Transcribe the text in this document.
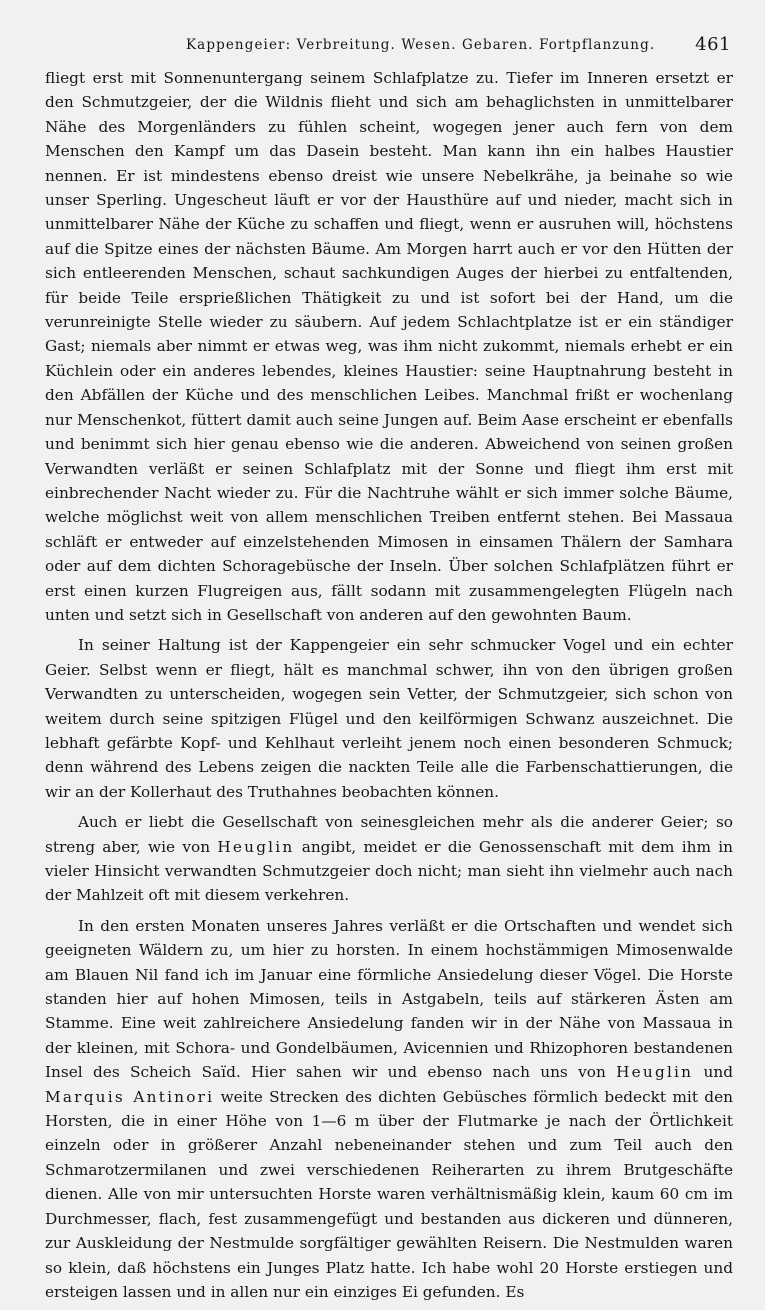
Kappengeier: Verbreitung. Wesen. Gebaren. Fortpflanzung. 461

fliegt erst mit Sonnenuntergang seinem Schlafplatze zu. Tiefer im Inneren ersetzt er den Schmutzgeier, der die Wildnis flieht und sich am behaglichsten in unmittelbarer Nähe des Morgenländers zu fühlen scheint, wogegen jener auch fern von dem Menschen den Kampf um das Dasein besteht. Man kann ihn ein halbes Haustier nennen. Er ist mindestens ebenso dreist wie unsere Nebelkrähe, ja beinahe so wie unser Sperling. Ungescheut läuft er vor der Hausthüre auf und nieder, macht sich in unmittelbarer Nähe der Küche zu schaffen und fliegt, wenn er ausruhen will, höchstens auf die Spitze eines der nächsten Bäume. Am Morgen harrt auch er vor den Hütten der sich entleerenden Menschen, schaut sachkundigen Auges der hierbei zu entfaltenden, für beide Teile ersprießlichen Thätigkeit zu und ist sofort bei der Hand, um die verunreinigte Stelle wieder zu säubern. Auf jedem Schlachtplatze ist er ein ständiger Gast; niemals aber nimmt er etwas weg, was ihm nicht zukommt, niemals erhebt er ein Küchlein oder ein anderes lebendes, kleines Haustier: seine Hauptnahrung besteht in den Abfällen der Küche und des menschlichen Leibes. Manchmal frißt er wochenlang nur Menschenkot, füttert damit auch seine Jungen auf. Beim Aase erscheint er ebenfalls und benimmt sich hier genau ebenso wie die anderen. Abweichend von seinen großen Verwandten verläßt er seinen Schlafplatz mit der Sonne und fliegt ihm erst mit einbrechender Nacht wieder zu. Für die Nachtruhe wählt er sich immer solche Bäume, welche möglichst weit von allem menschlichen Treiben entfernt stehen. Bei Massaua schläft er entweder auf einzelstehenden Mimosen in einsamen Thälern der Samhara oder auf dem dichten Schoragebüsche der Inseln. Über solchen Schlafplätzen führt er erst einen kurzen Flugreigen aus, fällt sodann mit zusammengelegten Flügeln nach unten und setzt sich in Gesellschaft von anderen auf den gewohnten Baum.

In seiner Haltung ist der Kappengeier ein sehr schmucker Vogel und ein echter Geier. Selbst wenn er fliegt, hält es manchmal schwer, ihn von den übrigen großen Verwandten zu unterscheiden, wogegen sein Vetter, der Schmutzgeier, sich schon von weitem durch seine spitzigen Flügel und den keilförmigen Schwanz auszeichnet. Die lebhaft gefärbte Kopf- und Kehlhaut verleiht jenem noch einen besonderen Schmuck; denn während des Lebens zeigen die nackten Teile alle die Farbenschattierungen, die wir an der Kollerhaut des Truthahnes beobachten können.

Auch er liebt die Gesellschaft von seinesgleichen mehr als die anderer Geier; so streng aber, wie von Heuglin angibt, meidet er die Genossenschaft mit dem ihm in vieler Hinsicht verwandten Schmutzgeier doch nicht; man sieht ihn vielmehr auch nach der Mahlzeit oft mit diesem verkehren.

In den ersten Monaten unseres Jahres verläßt er die Ortschaften und wendet sich geeigneten Wäldern zu, um hier zu horsten. In einem hochstämmigen Mimosenwalde am Blauen Nil fand ich im Januar eine förmliche Ansiedelung dieser Vögel. Die Horste standen hier auf hohen Mimosen, teils in Astgabeln, teils auf stärkeren Ästen am Stamme. Eine weit zahlreichere Ansiedelung fanden wir in der Nähe von Massaua in der kleinen, mit Schora- und Gondelbäumen, Avicennien und Rhizophoren bestandenen Insel des Scheich Saïd. Hier sahen wir und ebenso nach uns von Heuglin und Marquis Antinori weite Strecken des dichten Gebüsches förmlich bedeckt mit den Horsten, die in einer Höhe von 1—6 m über der Flutmarke je nach der Örtlichkeit einzeln oder in größerer Anzahl nebeneinander stehen und zum Teil auch den Schmarotzermilanen und zwei verschiedenen Reiherarten zu ihrem Brutgeschäfte dienen. Alle von mir untersuchten Horste waren verhältnismäßig klein, kaum 60 cm im Durchmesser, flach, fest zusammengefügt und bestanden aus dickeren und dünneren, zur Auskleidung der Nestmulde sorgfältiger gewählten Reisern. Die Nestmulden waren so klein, daß höchstens ein Junges Platz hatte. Ich habe wohl 20 Horste erstiegen und ersteigen lassen und in allen nur ein einziges Ei gefunden. Es
